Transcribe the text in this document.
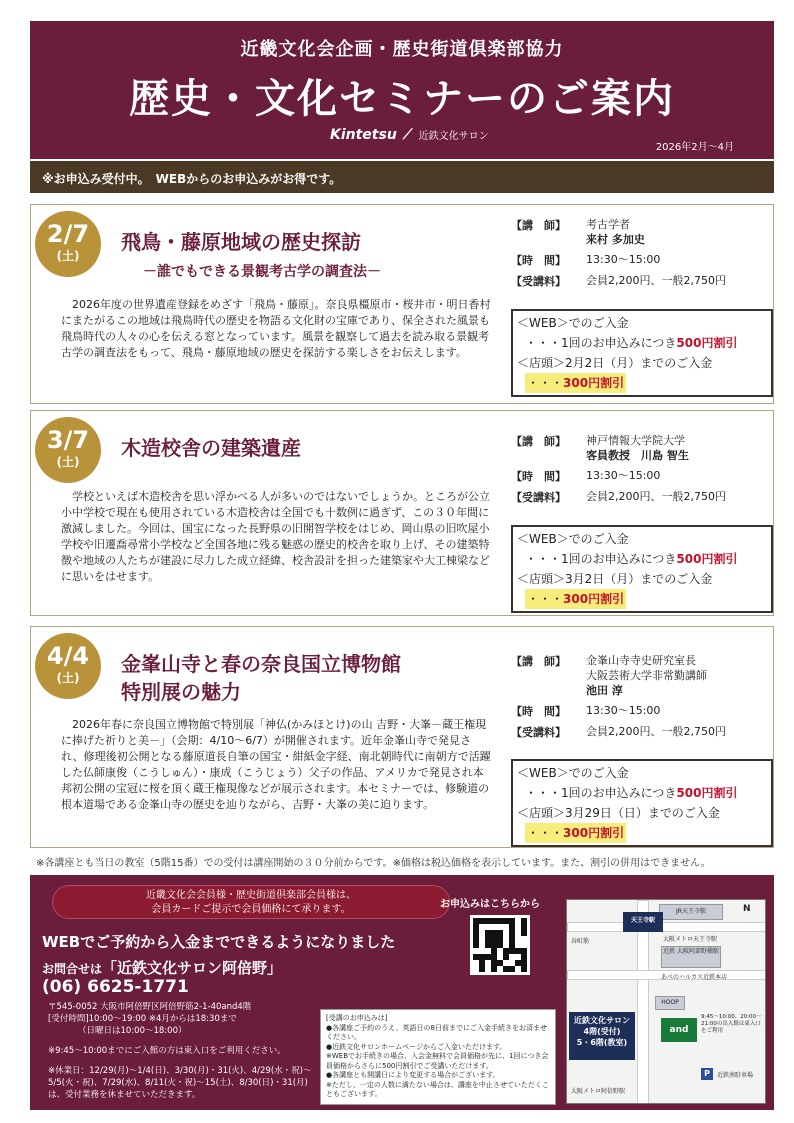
近畿文化会企画・歴史街道倶楽部協力
歴史・文化セミナーのご案内
Kintetsu ⟋ 近鉄文化サロン
2026年2月～4月
※お申込み受付中。　WEBからのお申込みがお得です。
2/7
(土)
飛鳥・藤原地域の歴史探訪
－誰でもできる景観考古学の調査法－
2026年度の世界遺産登録をめざす「飛鳥・藤原」。奈良県橿原市・桜井市・明日香村にまたがるこの地域は飛鳥時代の歴史を物語る文化財の宝庫であり、保全された風景も飛鳥時代の人々の心を伝える窓となっています。風景を観察して過去を読み取る景観考古学の調査法をもって、飛鳥・藤原地域の歴史を探訪する楽しさをお伝えします。
【講　師】	考古学者
来村 多加史
【時　間】	13:30～15:00
【受講料】	会員2,200円、一般2,750円
＜WEB＞でのご入金
・・・1回のお申込みにつき500円割引
＜店頭＞2月2日（月）までのご入金
・・・300円割引
3/7
(土)
木造校舎の建築遺産
学校といえば木造校舎を思い浮かべる人が多いのではないでしょうか。ところが公立小中学校で現在も使用されている木造校舎は全国でも十数例に過ぎず、この３０年間に激減しました。今回は、国宝になった長野県の旧開智学校をはじめ、岡山県の旧吹屋小学校や旧遷喬尋常小学校など全国各地に残る魅惑の歴史的校舎を取り上げ、その建築特徴や地域の人たちが建設に尽力した成立経緯、校舎設計を担った建築家や大工棟梁などに思いをはせます。
【講　師】	神戸情報大学院大学
客員教授　川島 智生
【時　間】	13:30～15:00
【受講料】	会員2,200円、一般2,750円
＜WEB＞でのご入金
・・・1回のお申込みにつき500円割引
＜店頭＞3月2日（月）までのご入金
・・・300円割引
4/4
(土)
金峯山寺と春の奈良国立博物館
特別展の魅力
2026年春に奈良国立博物館で特別展「神仏(かみほとけ)の山 吉野・大峯－蔵王権現に捧げた祈りと美－」（会期：4/10～6/7）が開催されます。近年金峯山寺で発見され、修理後初公開となる藤原道長自筆の国宝・紺紙金字経、南北朝時代に南朝方で活躍した仏師康俊（こうしゅん）・康成（こうじょう）父子の作品、アメリカで発見され本邦初公開の宝冠に桜を頂く蔵王権現像などが展示されます。本セミナーでは、修験道の根本道場である金峯山寺の歴史を辿りながら、吉野・大峯の美に迫ります。
【講　師】	金峯山寺寺史研究室長
大阪芸術大学非常勤講師
池田 淳
【時　間】	13:30～15:00
【受講料】	会員2,200円、一般2,750円
＜WEB＞でのご入金
・・・1回のお申込みにつき500円割引
＜店頭＞3月29日（日）までのご入金
・・・300円割引
※各講座とも当日の教室（5階15番）での受付は講座開始の３０分前からです。※価格は税込価格を表示しています。また、割引の併用はできません。
近畿文化会会員様・歴史街道倶楽部会員様は、
会員カードご提示で会員価格にて承ります。
WEBでご予約から入金までできるようになりました
お問合せは「近鉄文化サロン阿倍野」
(06) 6625-1771
〒545-0052 大阪市阿倍野区阿倍野筋2-1-40and4階
[受付時間]10:00～19:00 ※4月からは18:30まで
（日曜日は10:00～18:00）
※9:45～10:00までにご入館の方は東入口をご利用ください。
※休業日：12/29(月)～1/4(日)、3/30(月)・31(火)、4/29(水・祝)～5/5(火・祝)、7/29(水)、8/11(火・祝)～15(土)、8/30(日)・31(月)は、受付業務を休ませていただきます。
お申込みはこちらから
[受講のお申込みは]
●各講座ご予約のうえ、英語日の8日前までにご入金手続きをお済ませください。
●近鉄文化サロンホームページからご入金いただけます。
※WEBでお手続きの場合、入会金無料で会員価格が先に、1回につき会員価格からさらに500円割引でご受講いただけます。
●各講座とも開講日により変更する場合がございます。
※ただし、一定の人数に満たない場合は、講座を中止させていただくこともございます。
N
JR天王寺駅
天王寺駅
大阪メトロ天王寺駅
近鉄 大阪阿部野橋駅
あべのハルカス近鉄本店
HOOP
近鉄文化サロン
4階(受付)
5・6階(教室)
and
9:45～10:00、20:00～21:00の出入館は東入口をご利用
P	近鉄南駐車場
大阪メトロ阿倍野駅
谷町筋
